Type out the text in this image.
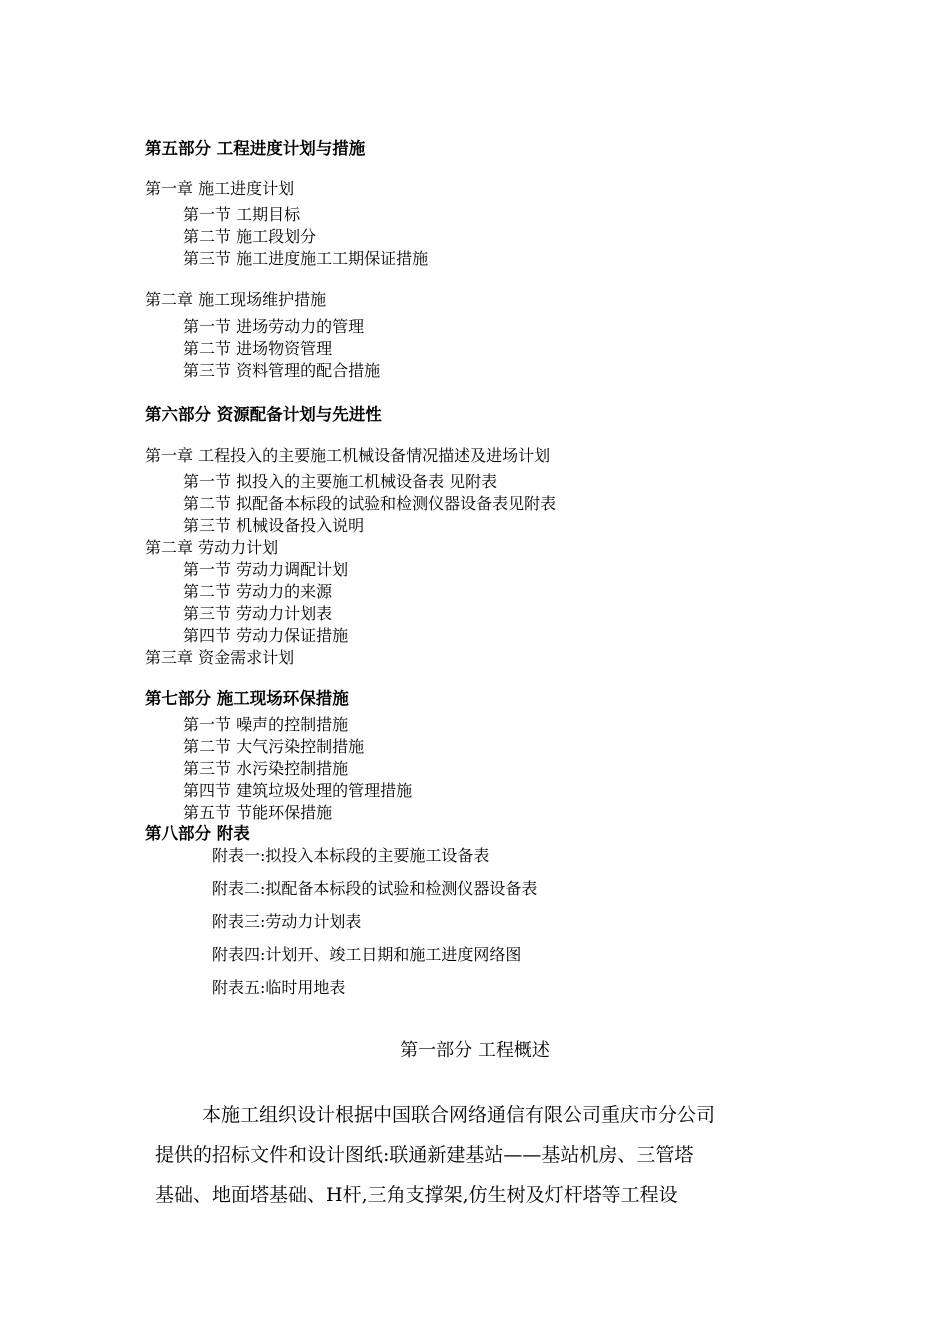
第五部分 工程进度计划与措施
第一章 施工进度计划
第一节 工期目标
第二节 施工段划分
第三节 施工进度施工工期保证措施
第二章 施工现场维护措施
第一节 进场劳动力的管理
第二节 进场物资管理
第三节 资料管理的配合措施
第六部分 资源配备计划与先进性
第一章 工程投入的主要施工机械设备情况描述及进场计划
第一节 拟投入的主要施工机械设备表 见附表
第二节 拟配备本标段的试验和检测仪器设备表见附表
第三节 机械设备投入说明
第二章 劳动力计划
第一节 劳动力调配计划
第二节 劳动力的来源
第三节 劳动力计划表
第四节 劳动力保证措施
第三章 资金需求计划
第七部分 施工现场环保措施
第一节 噪声的控制措施
第二节 大气污染控制措施
第三节 水污染控制措施
第四节 建筑垃圾处理的管理措施
第五节 节能环保措施
第八部分 附表
附表一:拟投入本标段的主要施工设备表
附表二:拟配备本标段的试验和检测仪器设备表
附表三:劳动力计划表
附表四:计划开、竣工日期和施工进度网络图
附表五:临时用地表
第一部分 工程概述
本施工组织设计根据中国联合网络通信有限公司重庆市分公司
提供的招标文件和设计图纸:联通新建基站——基站机房、三管塔
基础、地面塔基础、H杆,三角支撑架,仿生树及灯杆塔等工程设
